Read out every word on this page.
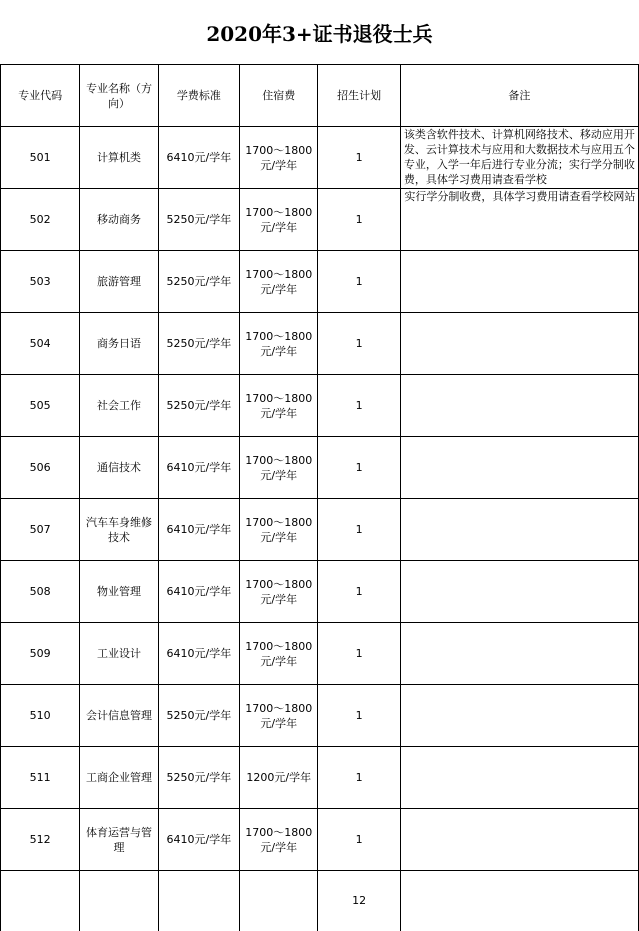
2020年3+证书退役士兵
专业代码	专业名称（方向）	学费标准	住宿费	招生计划	备注
501	计算机类	6410元/学年	1700～1800元/学年	1	该类含软件技术、计算机网络技术、移动应用开发、云计算技术与应用和大数据技术与应用五个专业，入学一年后进行专业分流；实行学分制收费，具体学习费用请查看学校
502	移动商务	5250元/学年	1700～1800元/学年	1	实行学分制收费，具体学习费用请查看学校网站
503	旅游管理	5250元/学年	1700～1800元/学年	1	
504	商务日语	5250元/学年	1700～1800元/学年	1	
505	社会工作	5250元/学年	1700～1800元/学年	1	
506	通信技术	6410元/学年	1700～1800元/学年	1	
507	汽车车身维修技术	6410元/学年	1700～1800元/学年	1	
508	物业管理	6410元/学年	1700～1800元/学年	1	
509	工业设计	6410元/学年	1700～1800元/学年	1	
510	会计信息管理	5250元/学年	1700～1800元/学年	1	
511	工商企业管理	5250元/学年	1200元/学年	1	
512	体育运营与管理	6410元/学年	1700～1800元/学年	1	
				12	
